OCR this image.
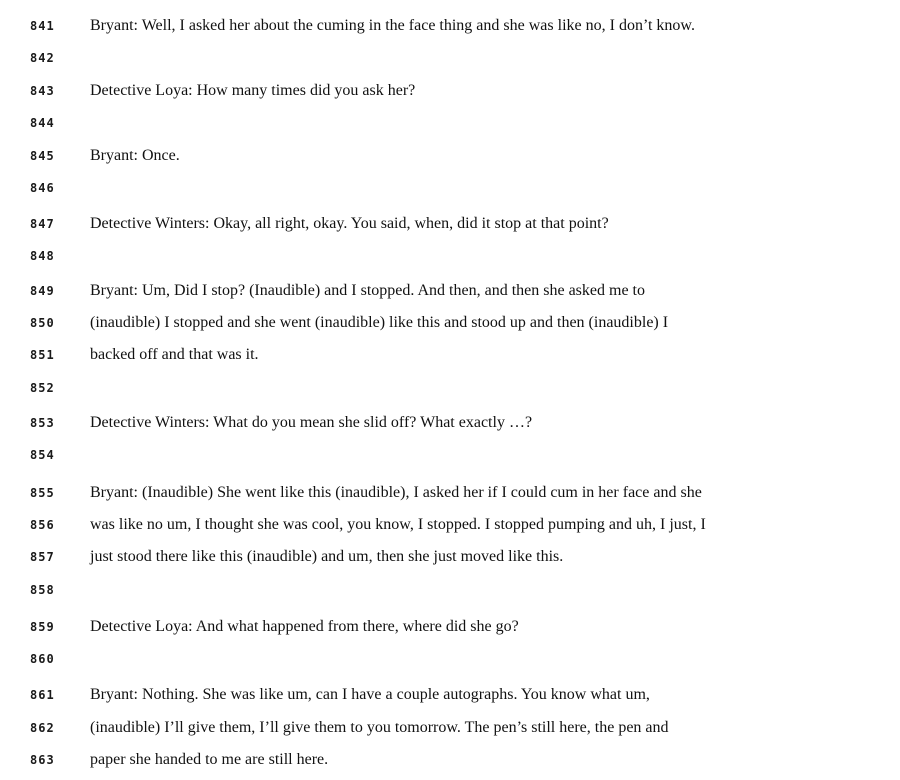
841 Bryant: Well, I asked her about the cuming in the face thing and she was like no, I don’t know.
842
843 Detective Loya: How many times did you ask her?
844
845 Bryant: Once.
846
847 Detective Winters: Okay, all right, okay. You said, when, did it stop at that point?
848
849 Bryant: Um, Did I stop? (Inaudible) and I stopped. And then, and then she asked me to
850 (inaudible) I stopped and she went (inaudible) like this and stood up and then (inaudible) I
851 backed off and that was it.
852
853 Detective Winters: What do you mean she slid off? What exactly …?
854
855 Bryant: (Inaudible) She went like this (inaudible), I asked her if I could cum in her face and she
856 was like no um, I thought she was cool, you know, I stopped. I stopped pumping and uh, I just, I
857 just stood there like this (inaudible) and um, then she just moved like this.
858
859 Detective Loya: And what happened from there, where did she go?
860
861 Bryant: Nothing. She was like um, can I have a couple autographs. You know what um,
862 (inaudible) I’ll give them, I’ll give them to you tomorrow. The pen’s still here, the pen and
863 paper she handed to me are still here.
